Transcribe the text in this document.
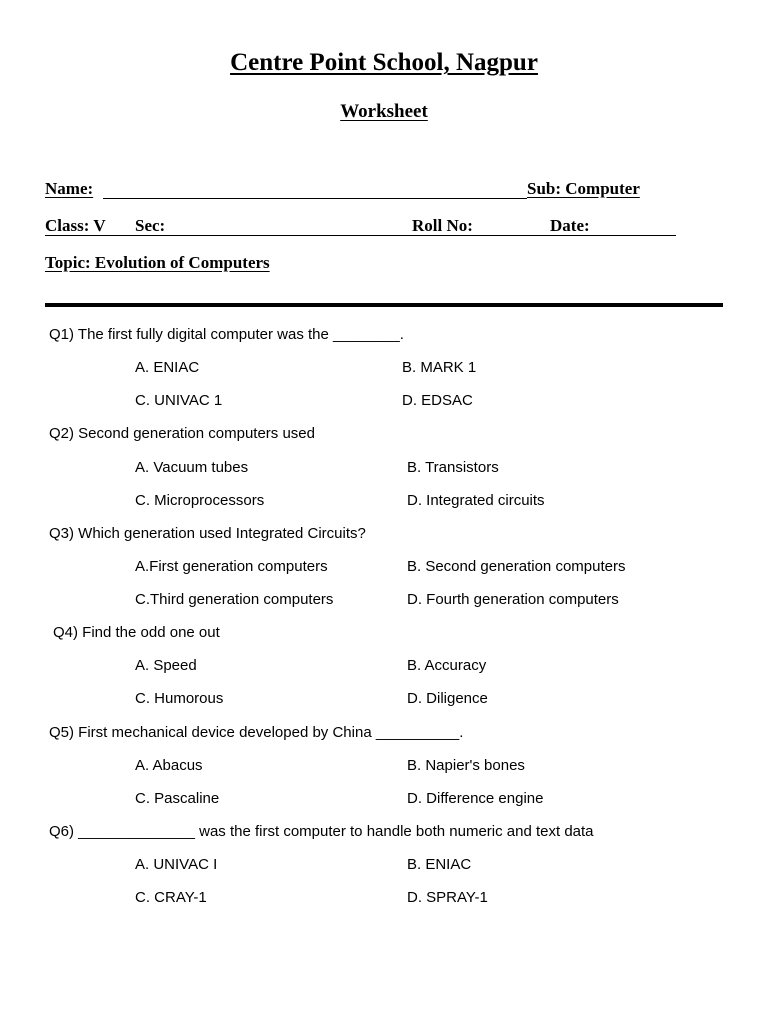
Centre Point School, Nagpur
Worksheet
Name:	Sub: Computer
Class: V Sec:	Roll No:	Date:
Topic: Evolution of Computers
Q1) The first fully digital computer was the ________.
A. ENIAC	B. MARK 1
C. UNIVAC 1	D. EDSAC
Q2) Second generation computers used
A. Vacuum tubes	B. Transistors
C. Microprocessors	D. Integrated circuits
Q3) Which generation used Integrated Circuits?
A.First generation computers	B. Second generation computers
C.Third generation computers	D. Fourth generation computers
Q4) Find the odd one out
A. Speed	B. Accuracy
C. Humorous	D. Diligence
Q5) First mechanical device developed by China __________.
A. Abacus	B. Napier's bones
C. Pascaline	D. Difference engine
Q6) ______________ was the first computer to handle both numeric and text data
A. UNIVAC I	B. ENIAC
C. CRAY-1	D. SPRAY-1
